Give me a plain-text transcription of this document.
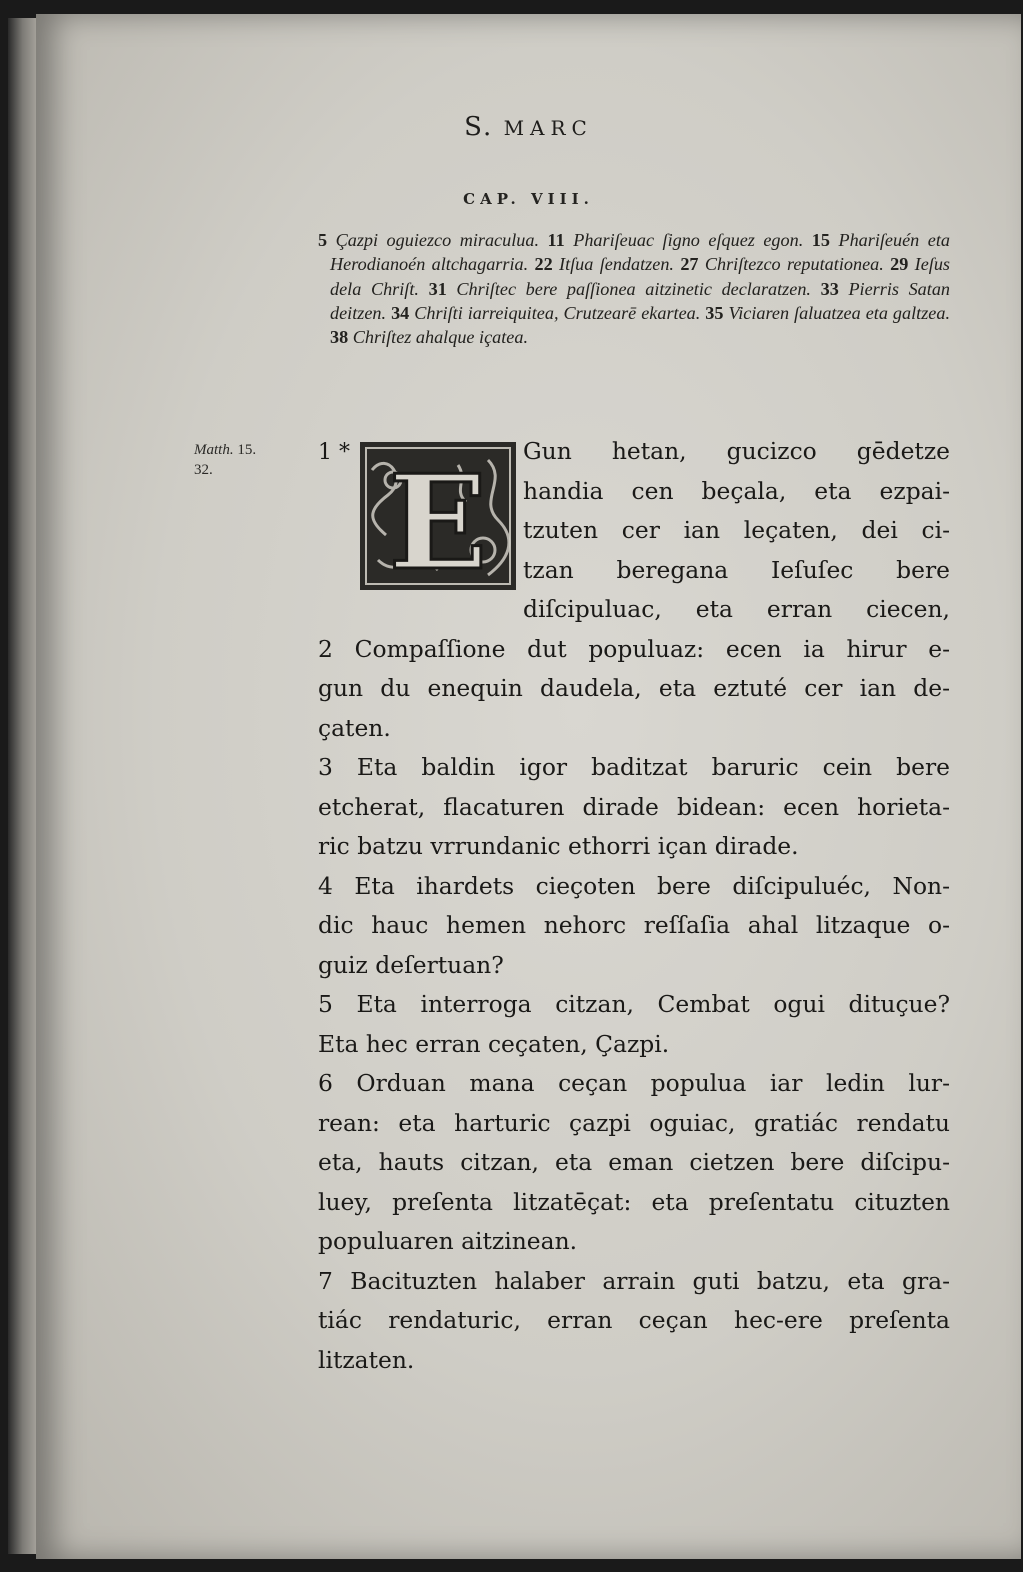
S. MARC
CAP. VIII.
5 Çazpi oguiezco miraculua. 11 Phariſeuac ſigno eſquez egon. 15 Phariſeuén eta Herodianoén altchagarria. 22 Itſua ſendatzen. 27 Chriſtezco reputationea. 29 Ieſus dela Chriſt. 31 Chriſtec bere paſſionea aitzinetic declaratzen. 33 Pierris Satan deitzen. 34 Chriſti iarreiquitea, Crutzearē ekartea. 35 Viciaren ſaluatzea eta galtzea. 38 Chriſtez ahalque içatea.
Matth. 15.
32.
1 * E Gun hetan, gucizco gēdetze
handia cen beçala, eta ezpai-
tzuten cer ian leçaten, dei ci-
tzan beregana Ieſuſec bere
diſcipuluac, eta erran ciecen,
2 Compaſſione dut populuaz: ecen ia hirur e-
gun du enequin daudela, eta eztuté cer ian de-
çaten.
3 Eta baldin igor baditzat baruric cein bere
etcherat, flacaturen dirade bidean: ecen horieta-
ric batzu vrrundanic ethorri içan dirade.
4 Eta ihardets cieçoten bere diſcipuluéc, Non-
dic hauc hemen nehorc reſſaſia ahal litzaque o-
guiz deſertuan?
5 Eta interroga citzan, Cembat ogui dituçue?
Eta hec erran ceçaten, Çazpi.
6 Orduan mana ceçan populua iar ledin lur-
rean: eta harturic çazpi oguiac, gratiác rendatu
eta, hauts citzan, eta eman cietzen bere diſcipu-
luey, preſenta litzatēçat: eta preſentatu cituzten
populuaren aitzinean.
7 Bacituzten halaber arrain guti batzu, eta gra-
tiác rendaturic, erran ceçan hec-ere preſenta
litzaten.
